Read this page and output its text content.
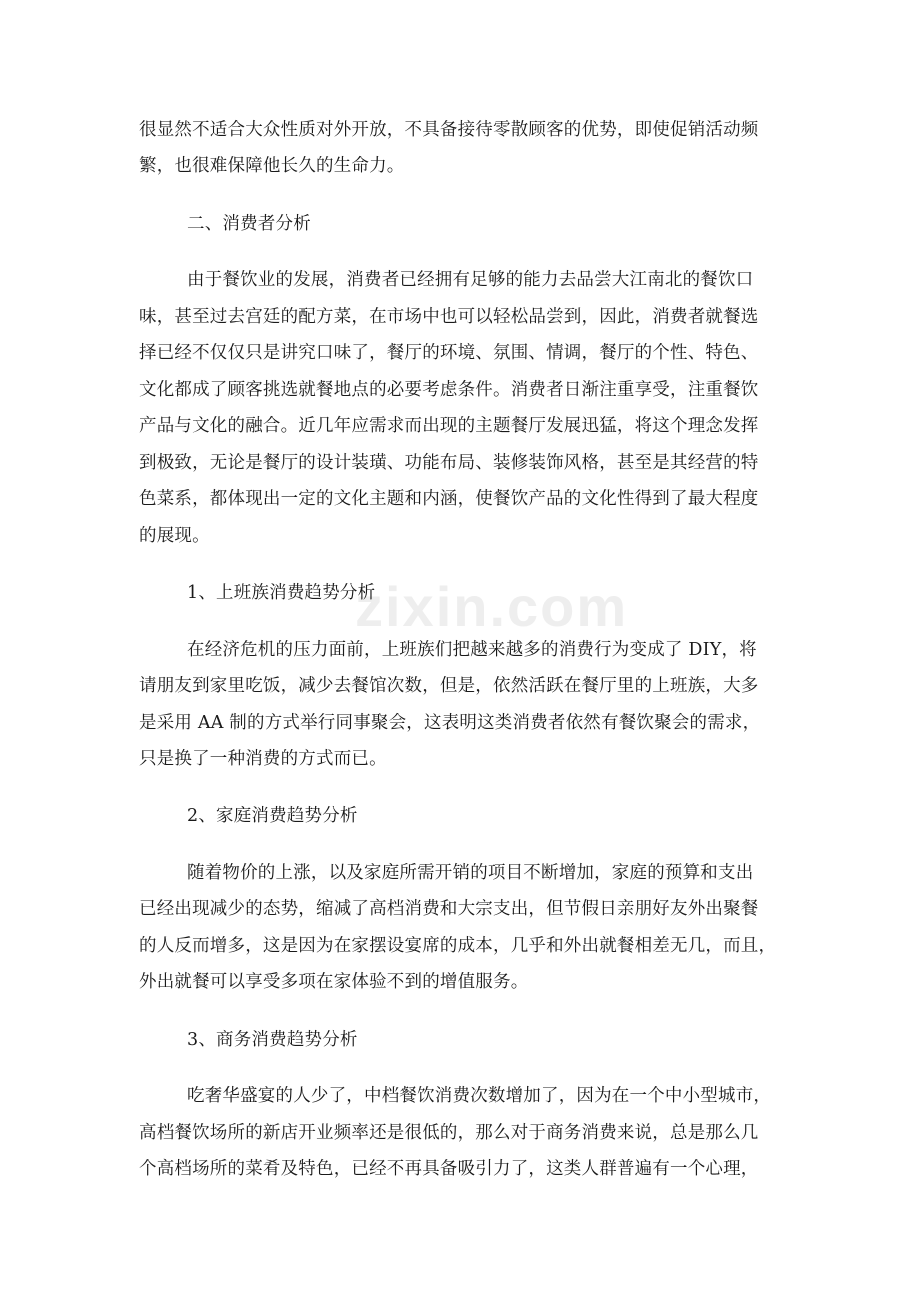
zixin.com
很显然不适合大众性质对外开放，不具备接待零散顾客的优势，即使促销活动频
繁，也很难保障他长久的生命力。
二、消费者分析
由于餐饮业的发展，消费者已经拥有足够的能力去品尝大江南北的餐饮口
味，甚至过去宫廷的配方菜，在市场中也可以轻松品尝到，因此，消费者就餐选
择已经不仅仅只是讲究口味了，餐厅的环境、氛围、情调，餐厅的个性、特色、
文化都成了顾客挑选就餐地点的必要考虑条件。消费者日渐注重享受，注重餐饮
产品与文化的融合。近几年应需求而出现的主题餐厅发展迅猛，将这个理念发挥
到极致，无论是餐厅的设计装璜、功能布局、装修装饰风格，甚至是其经营的特
色菜系，都体现出一定的文化主题和内涵，使餐饮产品的文化性得到了最大程度
的展现。
1、上班族消费趋势分析
在经济危机的压力面前，上班族们把越来越多的消费行为变成了 DIY，将
请朋友到家里吃饭，减少去餐馆次数，但是，依然活跃在餐厅里的上班族，大多
是采用 AA 制的方式举行同事聚会，这表明这类消费者依然有餐饮聚会的需求，
只是换了一种消费的方式而已。
2、家庭消费趋势分析
随着物价的上涨，以及家庭所需开销的项目不断增加，家庭的预算和支出
已经出现减少的态势，缩减了高档消费和大宗支出，但节假日亲朋好友外出聚餐
的人反而增多，这是因为在家摆设宴席的成本，几乎和外出就餐相差无几，而且，
外出就餐可以享受多项在家体验不到的增值服务。
3、商务消费趋势分析
吃奢华盛宴的人少了，中档餐饮消费次数增加了，因为在一个中小型城市，
高档餐饮场所的新店开业频率还是很低的，那么对于商务消费来说，总是那么几
个高档场所的菜肴及特色，已经不再具备吸引力了，这类人群普遍有一个心理，
